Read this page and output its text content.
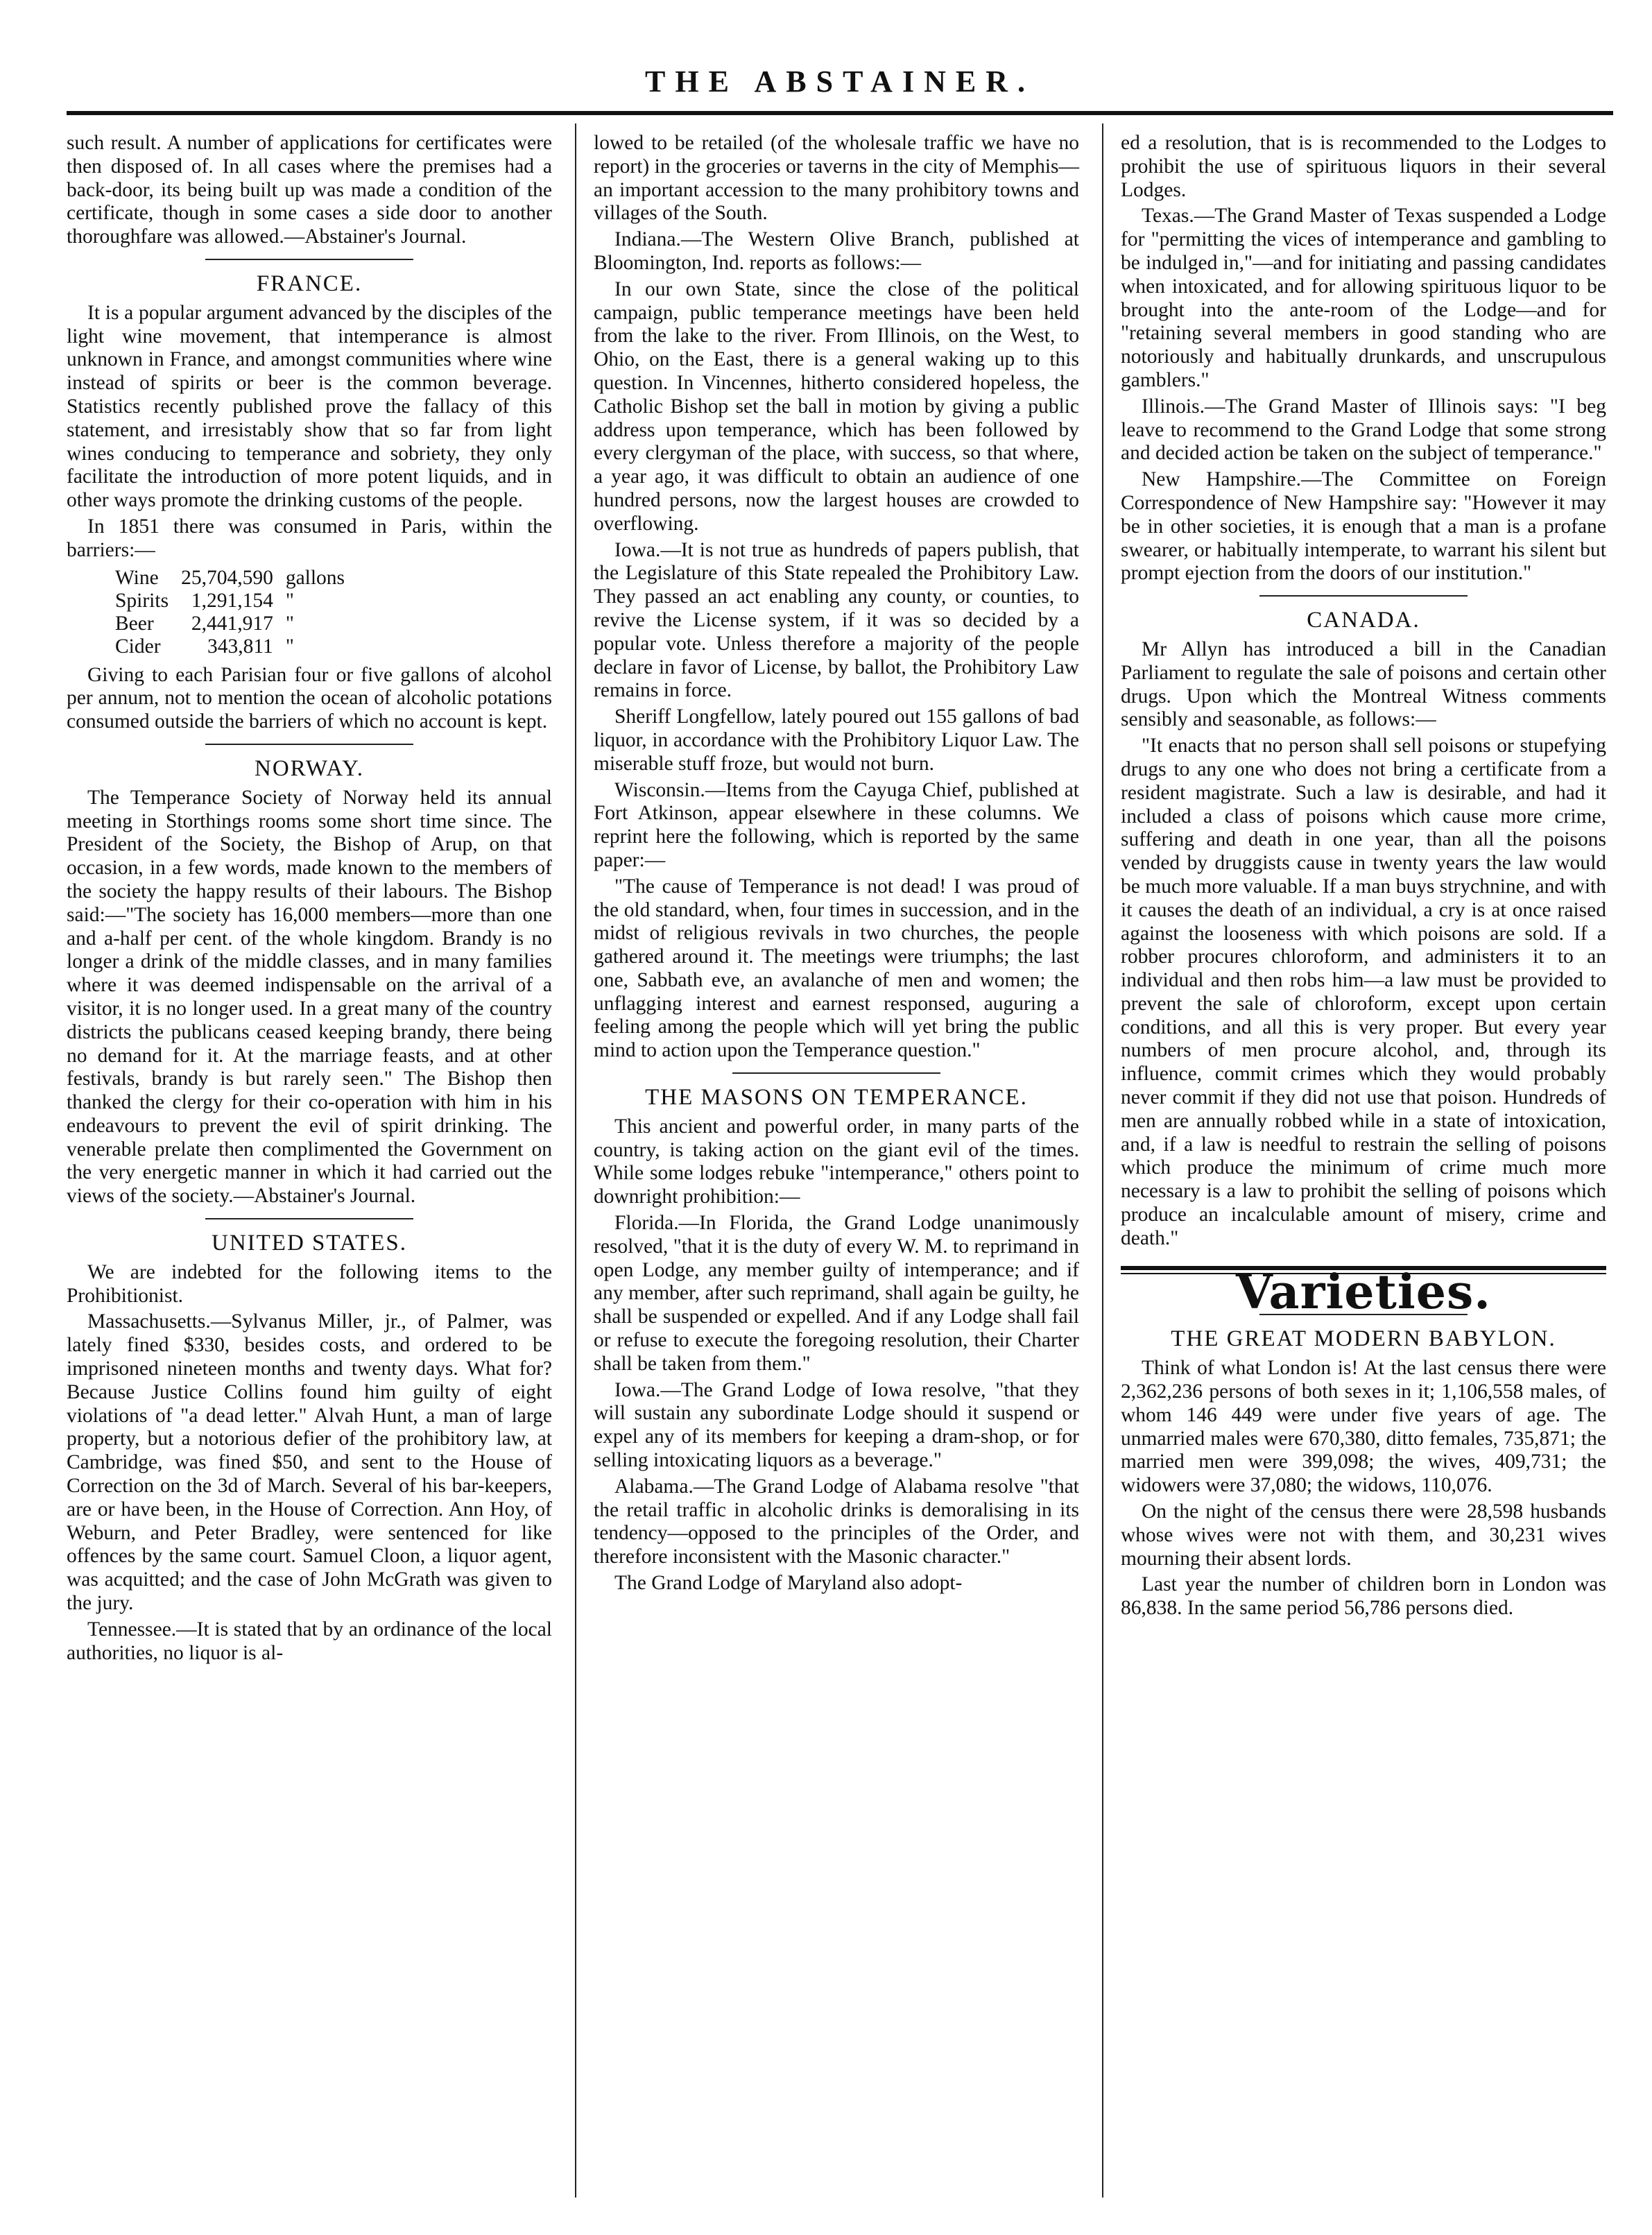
THE ABSTAINER.

such result. A number of applications for certificates were then disposed of. In all cases where the premises had a back-door, its being built up was made a condition of the certificate, though in some cases a side door to another thoroughfare was allowed.—Abstainer's Journal.

FRANCE.

It is a popular argument advanced by the disciples of the light wine movement, that intemperance is almost unknown in France, and amongst communities where wine instead of spirits or beer is the common beverage. Statistics recently published prove the fallacy of this statement, and irresistably show that so far from light wines conducing to temperance and sobriety, they only facilitate the introduction of more potent liquids, and in other ways promote the drinking customs of the people.

In 1851 there was consumed in Paris, within the barriers:—

Wine	25,704,590	gallons
Spirits	1,291,154	"
Beer	2,441,917	"
Cider	343,811	"

Giving to each Parisian four or five gallons of alcohol per annum, not to mention the ocean of alcoholic potations consumed outside the barriers of which no account is kept.

NORWAY.

The Temperance Society of Norway held its annual meeting in Storthings rooms some short time since. The President of the Society, the Bishop of Arup, on that occasion, in a few words, made known to the members of the society the happy results of their labours. The Bishop said:—"The society has 16,000 members—more than one and a-half per cent. of the whole kingdom. Brandy is no longer a drink of the middle classes, and in many families where it was deemed indispensable on the arrival of a visitor, it is no longer used. In a great many of the country districts the publicans ceased keeping brandy, there being no demand for it. At the marriage feasts, and at other festivals, brandy is but rarely seen." The Bishop then thanked the clergy for their co-operation with him in his endeavours to prevent the evil of spirit drinking. The venerable prelate then complimented the Government on the very energetic manner in which it had carried out the views of the society.—Abstainer's Journal.

UNITED STATES.

We are indebted for the following items to the Prohibitionist.

Massachusetts.—Sylvanus Miller, jr., of Palmer, was lately fined $330, besides costs, and ordered to be imprisoned nineteen months and twenty days. What for? Because Justice Collins found him guilty of eight violations of "a dead letter." Alvah Hunt, a man of large property, but a notorious defier of the prohibitory law, at Cambridge, was fined $50, and sent to the House of Correction on the 3d of March. Several of his bar-keepers, are or have been, in the House of Correction. Ann Hoy, of Weburn, and Peter Bradley, were sentenced for like offences by the same court. Samuel Cloon, a liquor agent, was acquitted; and the case of John McGrath was given to the jury.

Tennessee.—It is stated that by an ordinance of the local authorities, no liquor is al-

lowed to be retailed (of the wholesale traffic we have no report) in the groceries or taverns in the city of Memphis—an important accession to the many prohibitory towns and villages of the South.

Indiana.—The Western Olive Branch, published at Bloomington, Ind. reports as follows:—

In our own State, since the close of the political campaign, public temperance meetings have been held from the lake to the river. From Illinois, on the West, to Ohio, on the East, there is a general waking up to this question. In Vincennes, hitherto considered hopeless, the Catholic Bishop set the ball in motion by giving a public address upon temperance, which has been followed by every clergyman of the place, with success, so that where, a year ago, it was difficult to obtain an audience of one hundred persons, now the largest houses are crowded to overflowing.

Iowa.—It is not true as hundreds of papers publish, that the Legislature of this State repealed the Prohibitory Law. They passed an act enabling any county, or counties, to revive the License system, if it was so decided by a popular vote. Unless therefore a majority of the people declare in favor of License, by ballot, the Prohibitory Law remains in force.

Sheriff Longfellow, lately poured out 155 gallons of bad liquor, in accordance with the Prohibitory Liquor Law. The miserable stuff froze, but would not burn.

Wisconsin.—Items from the Cayuga Chief, published at Fort Atkinson, appear elsewhere in these columns. We reprint here the following, which is reported by the same paper:—

"The cause of Temperance is not dead! I was proud of the old standard, when, four times in succession, and in the midst of religious revivals in two churches, the people gathered around it. The meetings were triumphs; the last one, Sabbath eve, an avalanche of men and women; the unflagging interest and earnest responsed, auguring a feeling among the people which will yet bring the public mind to action upon the Temperance question."

THE MASONS ON TEMPERANCE.

This ancient and powerful order, in many parts of the country, is taking action on the giant evil of the times. While some lodges rebuke "intemperance," others point to downright prohibition:—

Florida.—In Florida, the Grand Lodge unanimously resolved, "that it is the duty of every W. M. to reprimand in open Lodge, any member guilty of intemperance; and if any member, after such reprimand, shall again be guilty, he shall be suspended or expelled. And if any Lodge shall fail or refuse to execute the foregoing resolution, their Charter shall be taken from them."

Iowa.—The Grand Lodge of Iowa resolve, "that they will sustain any subordinate Lodge should it suspend or expel any of its members for keeping a dram-shop, or for selling intoxicating liquors as a beverage."

Alabama.—The Grand Lodge of Alabama resolve "that the retail traffic in alcoholic drinks is demoralising in its tendency—opposed to the principles of the Order, and therefore inconsistent with the Masonic character."

The Grand Lodge of Maryland also adopt-

ed a resolution, that is is recommended to the Lodges to prohibit the use of spirituous liquors in their several Lodges.

Texas.—The Grand Master of Texas suspended a Lodge for "permitting the vices of intemperance and gambling to be indulged in,"—and for initiating and passing candidates when intoxicated, and for allowing spirituous liquor to be brought into the ante-room of the Lodge—and for "retaining several members in good standing who are notoriously and habitually drunkards, and unscrupulous gamblers."

Illinois.—The Grand Master of Illinois says: "I beg leave to recommend to the Grand Lodge that some strong and decided action be taken on the subject of temperance."

New Hampshire.—The Committee on Foreign Correspondence of New Hampshire say: "However it may be in other societies, it is enough that a man is a profane swearer, or habitually intemperate, to warrant his silent but prompt ejection from the doors of our institution."

CANADA.

Mr Allyn has introduced a bill in the Canadian Parliament to regulate the sale of poisons and certain other drugs. Upon which the Montreal Witness comments sensibly and seasonable, as follows:—

"It enacts that no person shall sell poisons or stupefying drugs to any one who does not bring a certificate from a resident magistrate. Such a law is desirable, and had it included a class of poisons which cause more crime, suffering and death in one year, than all the poisons vended by druggists cause in twenty years the law would be much more valuable. If a man buys strychnine, and with it causes the death of an individual, a cry is at once raised against the looseness with which poisons are sold. If a robber procures chloroform, and administers it to an individual and then robs him—a law must be provided to prevent the sale of chloroform, except upon certain conditions, and all this is very proper. But every year numbers of men procure alcohol, and, through its influence, commit crimes which they would probably never commit if they did not use that poison. Hundreds of men are annually robbed while in a state of intoxication, and, if a law is needful to restrain the selling of poisons which produce the minimum of crime much more necessary is a law to prohibit the selling of poisons which produce an incalculable amount of misery, crime and death."

Varieties.
THE GREAT MODERN BABYLON.

Think of what London is! At the last census there were 2,362,236 persons of both sexes in it; 1,106,558 males, of whom 146 449 were under five years of age. The unmarried males were 670,380, ditto females, 735,871; the married men were 399,098; the wives, 409,731; the widowers were 37,080; the widows, 110,076.

On the night of the census there were 28,598 husbands whose wives were not with them, and 30,231 wives mourning their absent lords.

Last year the number of children born in London was 86,838. In the same period 56,786 persons died.
